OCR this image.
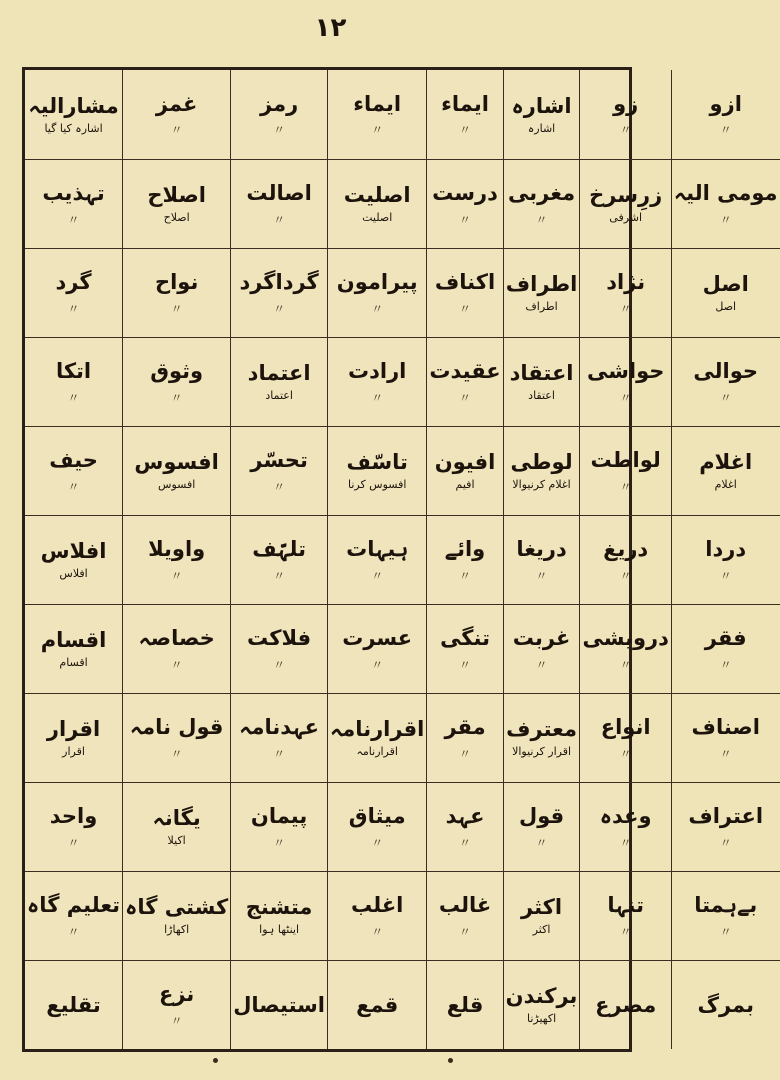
١٢
ازو
〃
زو
〃
اشارہ
اشارہ
ایماء
〃
ایماء
〃
رمز
〃
غمز
〃
مشارالیہ
اشارہ کیا گیا
مومی الیہ
〃
زرِسرخ
اشرفی
مغربی
〃
درست
〃
اصلیت
اصلیت
اصالت
〃
اصلاح
اصلاح
تہذیب
〃
اصل
اصل
نژاد
〃
اطراف
اطراف
اکناف
〃
پیرامون
〃
گرداگرد
〃
نواح
〃
گرد
〃
حوالی
〃
حواشی
〃
اعتقاد
اعتقاد
عقیدت
〃
ارادت
〃
اعتماد
اعتماد
وثوق
〃
اتکا
〃
اغلام
اغلام
لواطت
〃
لوطی
اغلام کرنیوالا
افیون
افیم
تاسّف
افسوس کرنا
تحسّر
〃
افسوس
افسوس
حیف
〃
دردا
〃
دریغ
〃
دریغا
〃
وائے
〃
ہیہات
〃
تلہّف
〃
واویلا
〃
افلاس
افلاس
فقر
〃
درویشی
〃
غربت
〃
تنگی
〃
عسرت
〃
فلاکت
〃
خصاصہ
〃
اقسام
اقسام
اصناف
〃
انواع
〃
معترف
اقرار کرنیوالا
مقر
〃
اقرارنامہ
اقرارنامہ
عہدنامہ
〃
قول نامہ
〃
اقرار
اقرار
اعتراف
〃
وعدہ
〃
قول
〃
عہد
〃
میثاق
〃
پیمان
〃
یگانہ
اکیلا
واحد
〃
بےہمتا
〃
تنہا
〃
اکثر
اکثر
غالب
〃
اغلب
〃
متشنج
اینٹھا ہوا
کشتی گاہ
اکھاڑا
تعلیم گاہ
〃
بمرگ
مصرع
برکندن
اکھیڑنا
قلع
قمع
استیصال
نزع
〃
تقلیع
